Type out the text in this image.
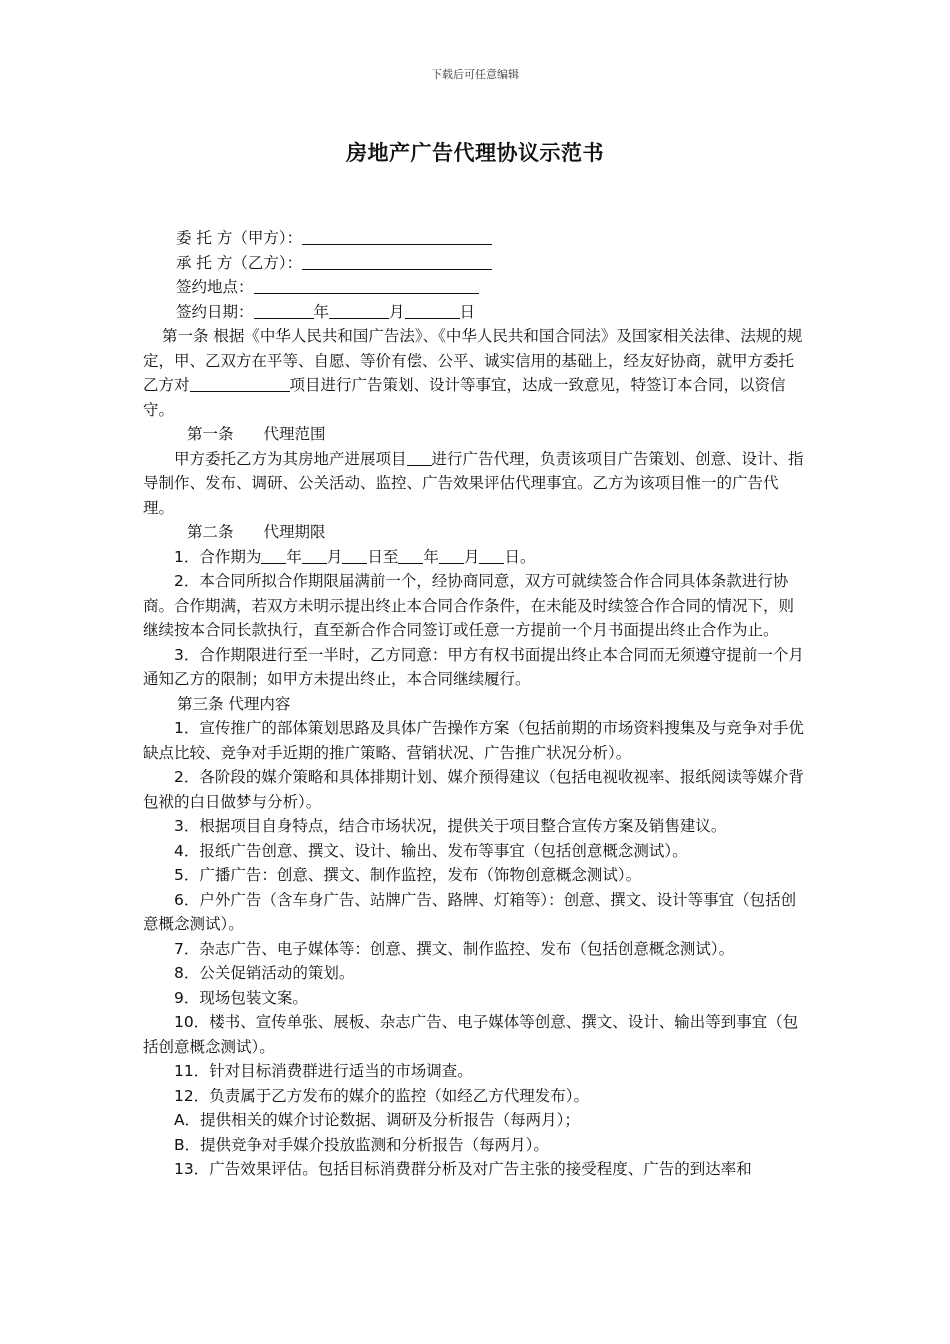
下载后可任意编辑
房地产广告代理协议示范书

委 托 方（甲方）：

承 托 方（乙方）：

签约地点：

签约日期：	年	月	日

第一条 根据《中华人民共和国广告法》、《中华人民共和国合同法》及国家相关法律、法规的规定，甲、乙双方在平等、自愿、等价有偿、公平、诚实信用的基础上，经友好协商，就甲方委托乙方对	项目进行广告策划、设计等事宜，达成一致意见，特签订本合同，以资信守。

第一条 代理范围

甲方委托乙方为其房地产进展项目 进行广告代理，负责该项目广告策划、创意、设计、指导制作、发布、调研、公关活动、监控、广告效果评估代理事宜。乙方为该项目惟一的广告代理。

第二条 代理期限

1．合作期为 年 月 日至 年 月 日。

2．本合同所拟合作期限届满前一个，经协商同意，双方可就续签合作合同具体条款进行协商。合作期满，若双方未明示提出终止本合同合作条件，在未能及时续签合作合同的情况下，则继续按本合同长款执行，直至新合作合同签订或任意一方提前一个月书面提出终止合作为止。

3．合作期限进行至一半时，乙方同意：甲方有权书面提出终止本合同而无须遵守提前一个月通知乙方的限制；如甲方未提出终止，本合同继续履行。

第三条 代理内容

1．宣传推广的部体策划思路及具体广告操作方案（包括前期的市场资料搜集及与竞争对手优缺点比较、竞争对手近期的推广策略、营销状况、广告推广状况分析）。

2．各阶段的媒介策略和具体排期计划、媒介预得建议（包括电视收视率、报纸阅读等媒介背包袱的白日做梦与分析）。

3．根据项目自身特点，结合市场状况，提供关于项目整合宣传方案及销售建议。

4．报纸广告创意、撰文、设计、输出、发布等事宜（包括创意概念测试）。

5．广播广告：创意、撰文、制作监控，发布（饰物创意概念测试）。

6．户外广告（含车身广告、站牌广告、路牌、灯箱等）：创意、撰文、设计等事宜（包括创意概念测试）。

7．杂志广告、电子媒体等：创意、撰文、制作监控、发布（包括创意概念测试）。

8．公关促销活动的策划。

9．现场包装文案。

10．楼书、宣传单张、展板、杂志广告、电子媒体等创意、撰文、设计、输出等到事宜（包括创意概念测试）。

11．针对目标消费群进行适当的市场调查。

12．负责属于乙方发布的媒介的监控（如经乙方代理发布）。

A．提供相关的媒介讨论数据、调研及分析报告（每两月）；

B．提供竞争对手媒介投放监测和分析报告（每两月）。

13．广告效果评估。包括目标消费群分析及对广告主张的接受程度、广告的到达率和
